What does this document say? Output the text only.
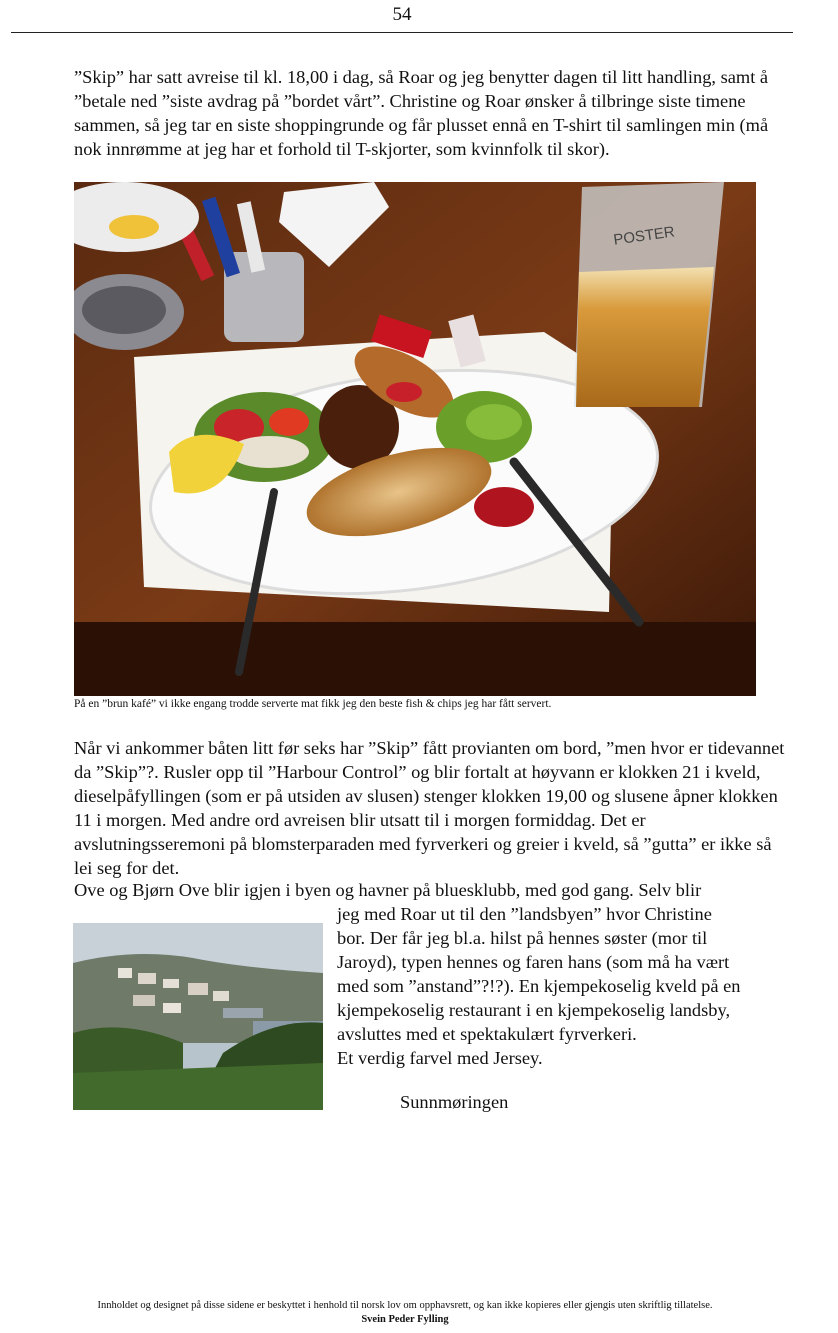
54

”Skip” har satt avreise til kl. 18,00 i dag, så Roar og jeg benytter dagen til litt handling, samt å ”betale ned ”siste avdrag på ”bordet vårt”. Christine og Roar ønsker å tilbringe siste timene sammen, så jeg tar en siste shoppingrunde og får plusset ennå en T-shirt til samlingen min (må nok innrømme at jeg har et forhold til T-skjorter, som kvinnfolk til skor).

POSTER
På en ”brun kafé” vi ikke engang trodde serverte mat fikk jeg den beste fish & chips jeg har fått servert.

Når vi ankommer båten litt før seks har ”Skip” fått provianten om bord, ”men hvor er tidevannet da ”Skip”?. Rusler opp til ”Harbour Control” og blir fortalt at høyvann er klokken 21 i kveld, dieselpåfyllingen (som er på utsiden av slusen) stenger klokken 19,00 og slusene åpner klokken 11 i morgen. Med andre ord avreisen blir utsatt til i morgen formiddag. Det er avslutningsseremoni på blomsterparaden med fyrverkeri og greier i kveld, så ”gutta” er ikke så lei seg for det.

Ove og Bjørn Ove blir igjen i byen og havner på bluesklubb, med god gang. Selv blir

jeg med Roar ut til den ”landsbyen” hvor Christine
bor. Der får jeg bl.a. hilst på hennes søster (mor til
Jaroyd), typen hennes og faren hans (som må ha vært
med som ”anstand”?!?). En kjempekoselig kveld på en
kjempekoselig restaurant i en kjempekoselig landsby,
avsluttes med et spektakulært fyrverkeri.
Et verdig farvel med Jersey.
Sunnmøringen
Innholdet og designet på disse sidene er beskyttet i henhold til norsk lov om opphavsrett, og kan ikke kopieres eller gjengis uten skriftlig tillatelse.
Svein Peder Fylling
